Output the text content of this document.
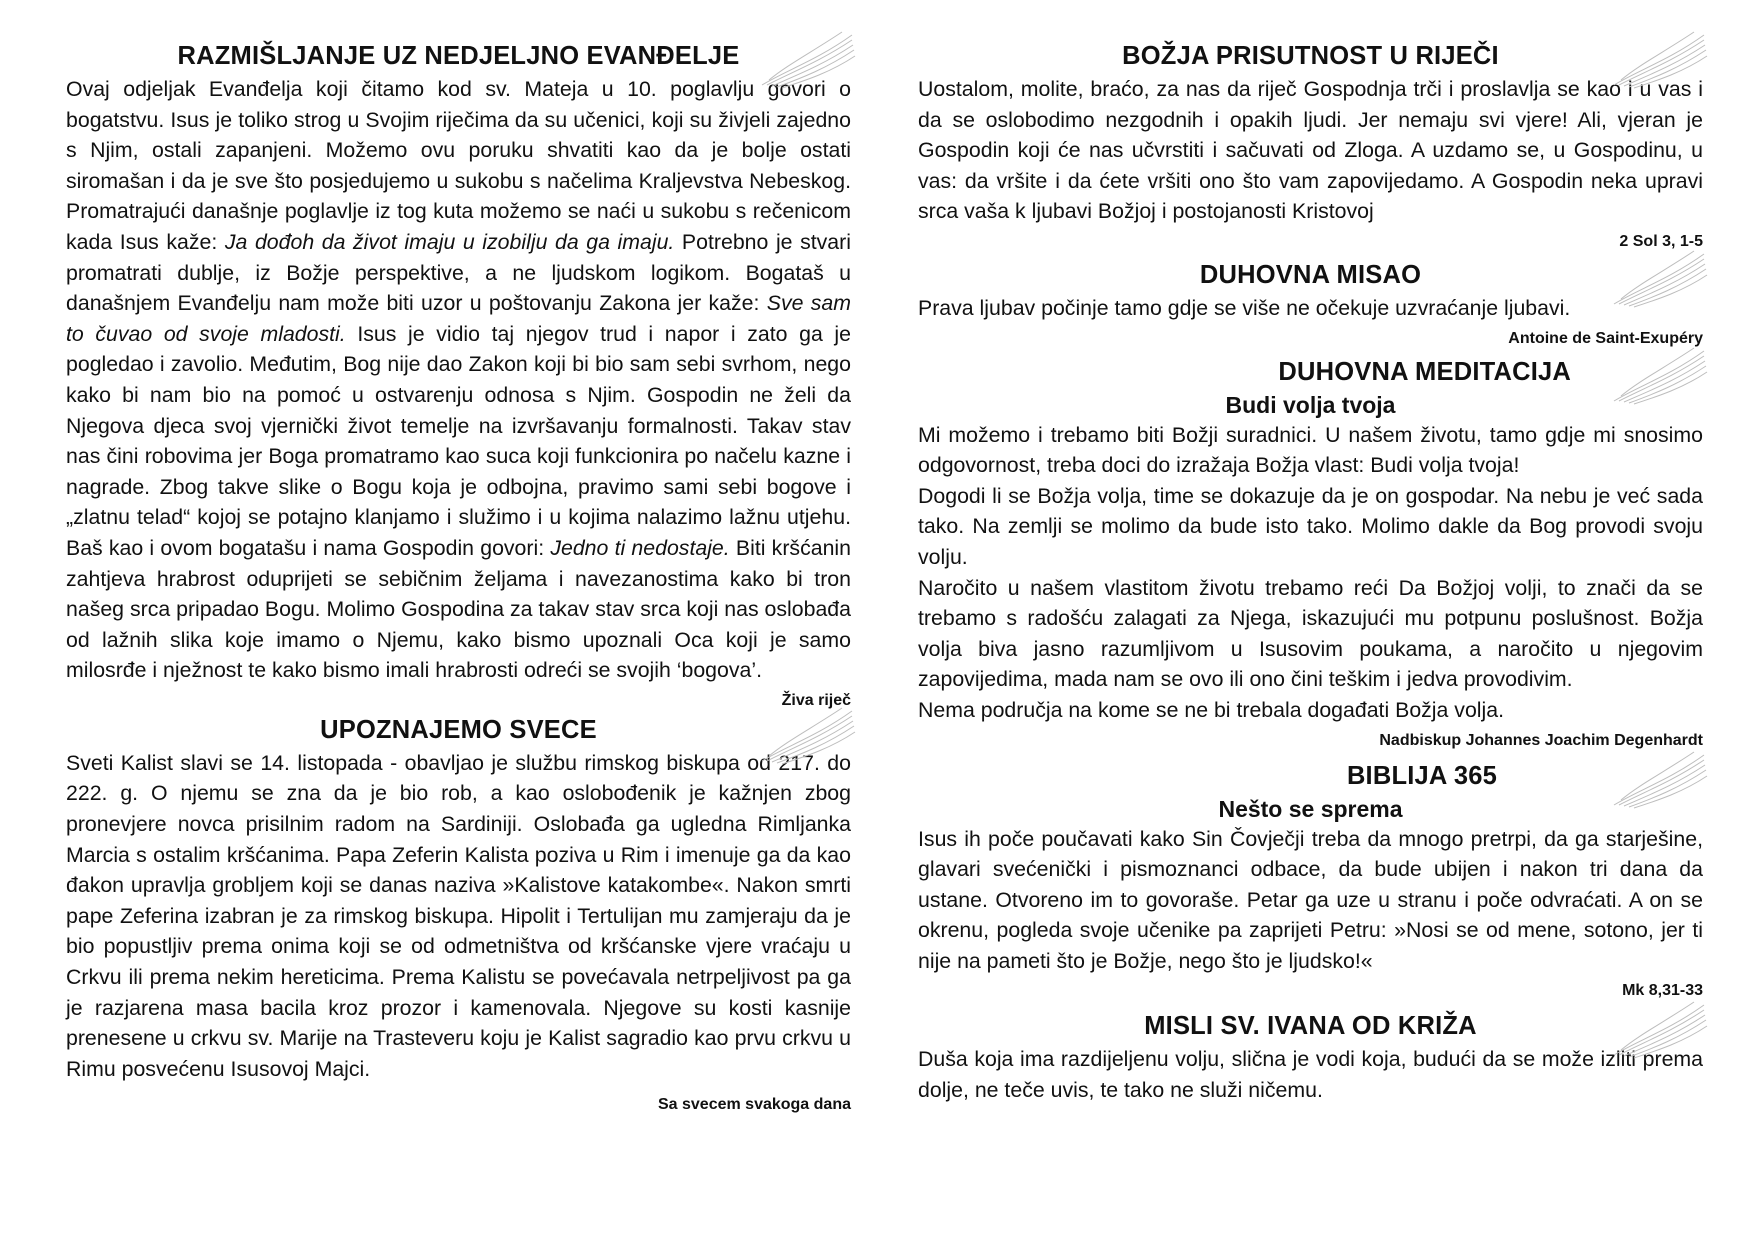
RAZMIŠLJANJE UZ NEDJELJNO EVANĐELJE

Ovaj odjeljak Evanđelja koji čitamo kod sv. Mateja u 10. poglavlju govori o bogatstvu. Isus je toliko strog u Svojim riječima da su učenici, koji su živjeli zajedno s Njim, ostali zapanjeni. Možemo ovu poruku shvatiti kao da je bolje ostati siromašan i da je sve što posjedujemo u sukobu s načelima Kraljevstva Nebeskog. Promatrajući današnje poglavlje iz tog kuta možemo se naći u sukobu s rečenicom kada Isus kaže: Ja dođoh da život imaju u izobilju da ga imaju. Potrebno je stvari promatrati dublje, iz Božje perspektive, a ne ljudskom logikom. Bogataš u današnjem Evanđelju nam može biti uzor u poštovanju Zakona jer kaže: Sve sam to čuvao od svoje mladosti. Isus je vidio taj njegov trud i napor i zato ga je pogledao i zavolio. Međutim, Bog nije dao Zakon koji bi bio sam sebi svrhom, nego kako bi nam bio na pomoć u ostvarenju odnosa s Njim. Gospodin ne želi da Njegova djeca svoj vjernički život temelje na izvršavanju formalnosti. Takav stav nas čini robovima jer Boga promatramo kao suca koji funkcionira po načelu kazne i nagrade. Zbog takve slike o Bogu koja je odbojna, pravimo sami sebi bogove i „zlatnu telad“ kojoj se potajno klanjamo i služimo i u kojima nalazimo lažnu utjehu. Baš kao i ovom bogatašu i nama Gospodin govori: Jedno ti nedostaje. Biti kršćanin zahtjeva hrabrost oduprijeti se sebičnim željama i navezanostima kako bi tron našeg srca pripadao Bogu. Molimo Gospodina za takav stav srca koji nas oslobađa od lažnih slika koje imamo o Njemu, kako bismo upoznali Oca koji je samo milosrđe i nježnost te kako bismo imali hrabrosti odreći se svojih ‘bogova’.

Živa riječ
UPOZNAJEMO SVECE
Sveti Kalist slavi se 14. listopada - obavljao je službu rimskog biskupa od 217. do 222. g. O njemu se zna da je bio rob, a kao oslobođenik je kažnjen zbog pronevjere novca prisilnim radom na Sardiniji. Oslobađa ga ugledna Rimljanka Marcia s ostalim kršćanima. Papa Zeferin Kalista poziva u Rim i imenuje ga da kao đakon upravlja grobljem koji se danas naziva »Kalistove katakombe«. Nakon smrti pape Zeferina izabran je za rimskog biskupa. Hipolit i Tertulijan mu zamjeraju da je bio popustljiv prema onima koji se od odmetništva od kršćanske vjere vraćaju u Crkvu ili prema nekim hereticima. Prema Kalistu se povećavala netrpeljivost pa ga je razjarena masa bacila kroz prozor i kamenovala. Njegove su kosti kasnije prenesene u crkvu sv. Marije na Trasteveru koju je Kalist sagradio kao prvu crkvu u Rimu posvećenu Isusovoj Majci.
Sa svecem svakoga dana
BOŽJA PRISUTNOST U RIJEČI
Uostalom, molite, braćo, za nas da riječ Gospodnja trči i proslavlja se kao i u vas i da se oslobodimo nezgodnih i opakih ljudi. Jer nemaju svi vjere! Ali, vjeran je Gospodin koji će nas učvrstiti i sačuvati od Zloga. A uzdamo se, u Gospodinu, u vas: da vršite i da ćete vršiti ono što vam zapovijedamo. A Gospodin neka upravi srca vaša k ljubavi Božjoj i postojanosti Kristovoj
2 Sol 3, 1-5
DUHOVNA MISAO
Prava ljubav počinje tamo gdje se više ne očekuje uzvraćanje ljubavi.
Antoine de Saint-Exupéry
DUHOVNA MEDITACIJA
Budi volja tvoja

Mi možemo i trebamo biti Božji suradnici. U našem životu, tamo gdje mi snosimo odgovornost, treba doci do izražaja Božja vlast: Budi volja tvoja!

Dogodi li se Božja volja, time se dokazuje da je on gospodar. Na nebu je već sada tako. Na zemlji se molimo da bude isto tako. Molimo dakle da Bog provodi svoju volju.

Naročito u našem vlastitom životu trebamo reći Da Božjoj volji, to znači da se trebamo s radošću zalagati za Njega, iskazujući mu potpunu poslušnost. Božja volja biva jasno razumljivom u Isusovim poukama, a naročito u njegovim zapovijedima, mada nam se ovo ili ono čini teškim i jedva provodivim.

Nema područja na kome se ne bi trebala događati Božja volja.

Nadbiskup Johannes Joachim Degenhardt
BIBLIJA 365
Nešto se sprema
Isus ih poče poučavati kako Sin Čovječji treba da mnogo pretrpi, da ga starješine, glavari svećenički i pismoznanci odbace, da bude ubijen i nakon tri dana da ustane. Otvoreno im to govoraše. Petar ga uze u stranu i poče odvraćati. A on se okrenu, pogleda svoje učenike pa zaprijeti Petru: »Nosi se od mene, sotono, jer ti nije na pameti što je Božje, nego što je ljudsko!«
Mk 8,31-33
MISLI SV. IVANA OD KRIŽA
Duša koja ima razdijeljenu volju, slična je vodi koja, budući da se može izliti prema dolje, ne teče uvis, te tako ne služi ničemu.
